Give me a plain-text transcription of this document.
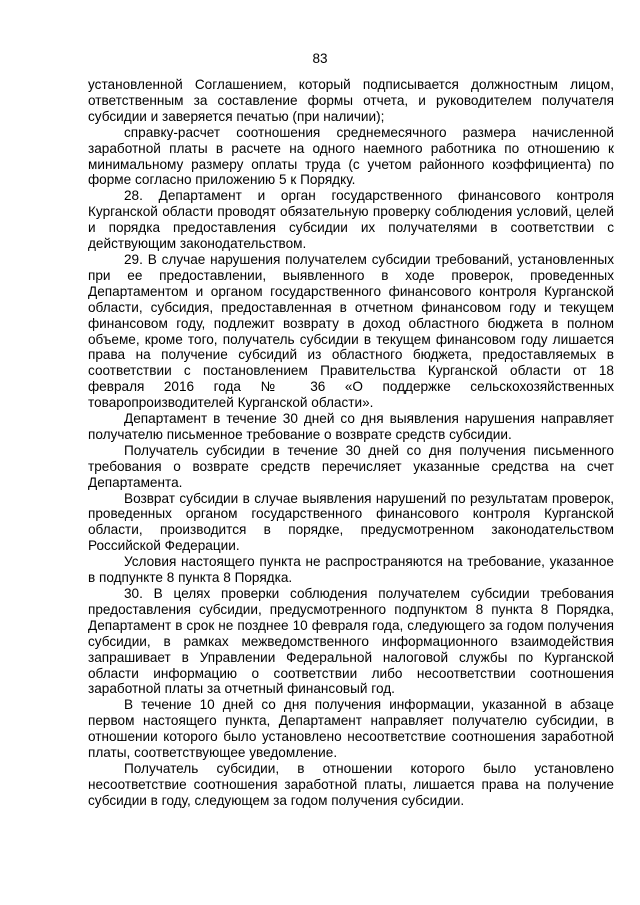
83

установленной Соглашением, который подписывается должностным лицом, ответственным за составление формы отчета, и руководителем получателя субсидии и заверяется печатью (при наличии);

справку-расчет соотношения среднемесячного размера начисленной заработной платы в расчете на одного наемного работника по отношению к минимальному размеру оплаты труда (с учетом районного коэффициента) по форме согласно приложению 5 к Порядку.

28. Департамент и орган государственного финансового контроля Курганской области проводят обязательную проверку соблюдения условий, целей и порядка предоставления субсидии их получателями в соответствии с действующим законодательством.

29. В случае нарушения получателем субсидии требований, установленных при ее предоставлении, выявленного в ходе проверок, проведенных Департаментом и органом государственного финансового контроля Курганской области, субсидия, предоставленная в отчетном финансовом году и текущем финансовом году, подлежит возврату в доход областного бюджета в полном объеме, кроме того, получатель субсидии в текущем финансовом году лишается права на получение субсидий из областного бюджета, предоставляемых в соответствии с постановлением Правительства Курганской области от 18 февраля 2016 года № 36 «О поддержке сельскохозяйственных товаропроизводителей Курганской области».

Департамент в течение 30 дней со дня выявления нарушения направляет получателю письменное требование о возврате средств субсидии.

Получатель субсидии в течение 30 дней со дня получения письменного требования о возврате средств перечисляет указанные средства на счет Департамента.

Возврат субсидии в случае выявления нарушений по результатам проверок, проведенных органом государственного финансового контроля Курганской области, производится в порядке, предусмотренном законодательством Российской Федерации.

Условия настоящего пункта не распространяются на требование, указанное в подпункте 8 пункта 8 Порядка.

30. В целях проверки соблюдения получателем субсидии требования предоставления субсидии, предусмотренного подпунктом 8 пункта 8 Порядка, Департамент в срок не позднее 10 февраля года, следующего за годом получения субсидии, в рамках межведомственного информационного взаимодействия запрашивает в Управлении Федеральной налоговой службы по Курганской области информацию о соответствии либо несоответствии соотношения заработной платы за отчетный финансовый год.

В течение 10 дней со дня получения информации, указанной в абзаце первом настоящего пункта, Департамент направляет получателю субсидии, в отношении которого было установлено несоответствие соотношения заработной платы, соответствующее уведомление.

Получатель субсидии, в отношении которого было установлено несоответствие соотношения заработной платы, лишается права на получение субсидии в году, следующем за годом получения субсидии.
